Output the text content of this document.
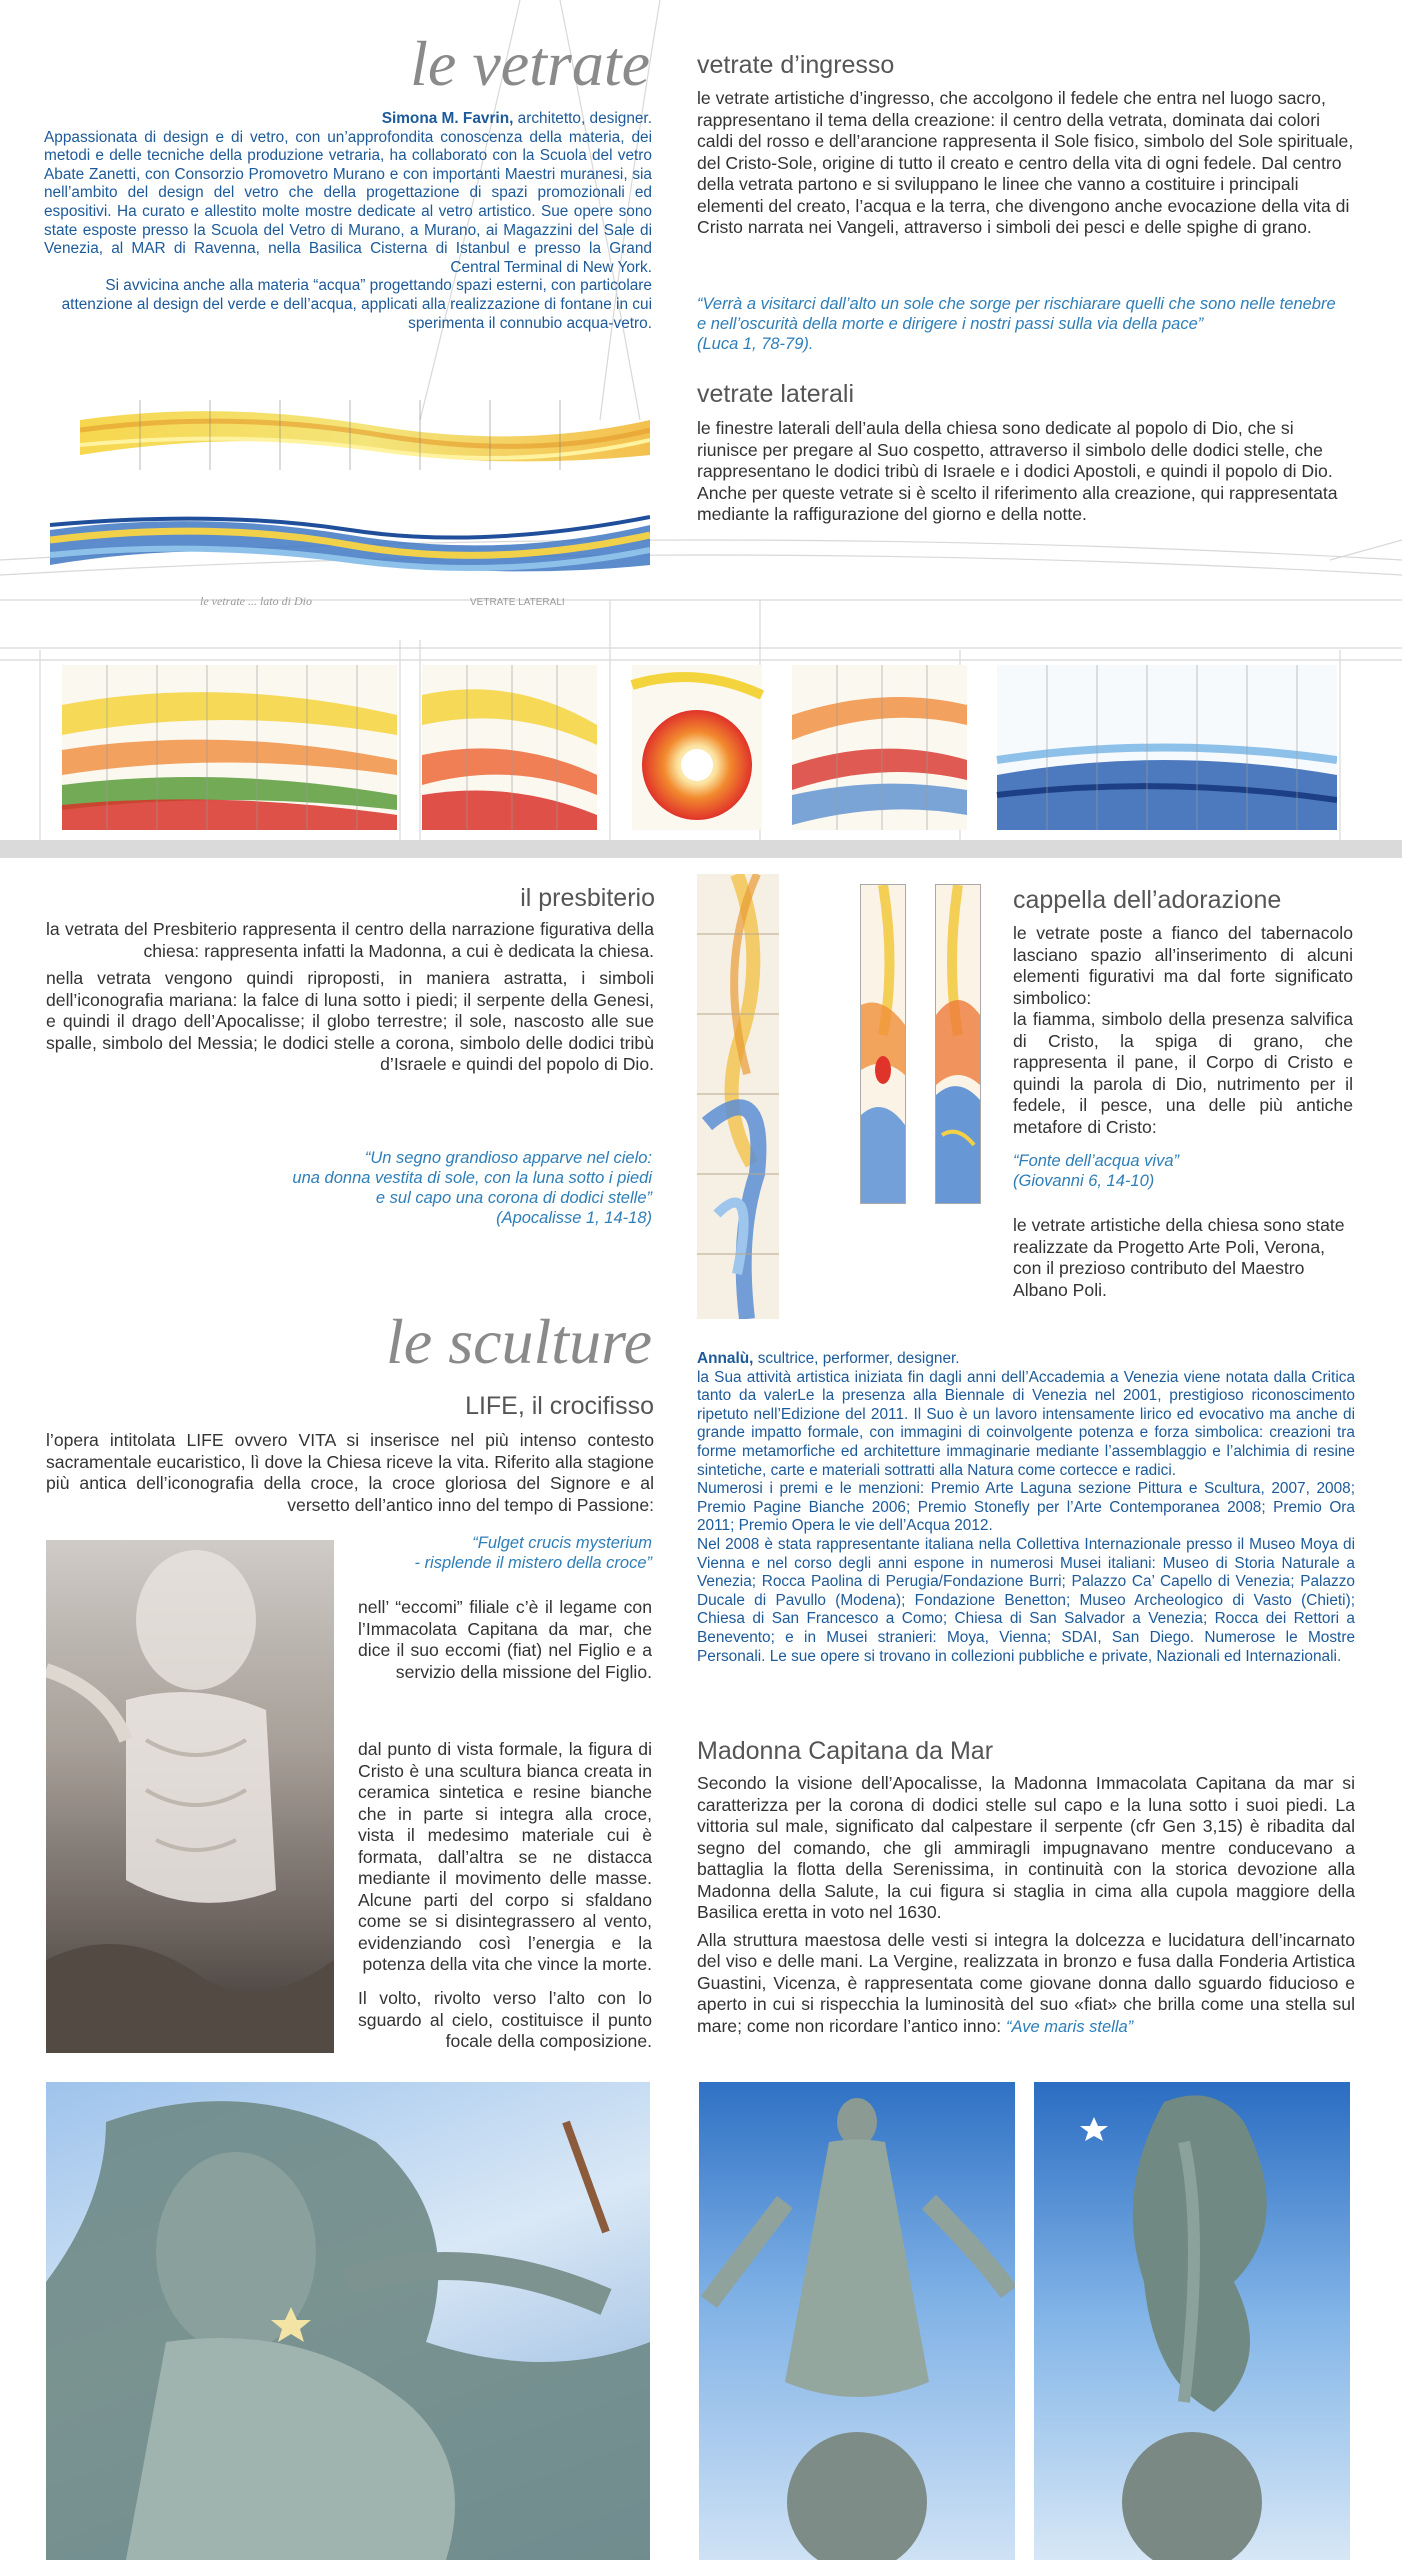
le vetrate ... lato di Dio	VETRATE LATERALI
le vetrate

Simona M. Favrin, architetto, designer.

Appassionata di design e di vetro, con un’approfondita conoscenza della materia, dei metodi e delle tecniche della produzione vetraria, ha collaborato con la Scuola del vetro Abate Zanetti, con Consorzio Promovetro Murano e con importanti Maestri muranesi, sia nell’ambito del design del vetro che della progettazione di spazi promozionali ed espositivi. Ha curato e allestito molte mostre dedicate al vetro artistico. Sue opere sono state esposte presso la Scuola del Vetro di Murano, a Murano, ai Magazzini del Sale di Venezia, al MAR di Ravenna, nella Basilica Cisterna di Istanbul e presso la Grand Central Terminal di New York.

Si avvicina anche alla materia “acqua” progettando spazi esterni, con particolare attenzione al design del verde e dell’acqua, applicati alla realizzazione di fontane in cui sperimenta il connubio acqua-vetro.

vetrate d’ingresso

le vetrate artistiche d’ingresso, che accolgono il fedele che entra nel luogo sacro, rappresentano il tema della creazione: il centro della vetrata, dominata dai colori caldi del rosso e dell’arancione rappresenta il Sole fisico, simbolo del Sole spirituale, del Cristo-Sole, origine di tutto il creato e centro della vita di ogni fedele. Dal centro della vetrata partono e si sviluppano le linee che vanno a costituire i principali elementi del creato, l’acqua e la terra, che divengono anche evocazione della vita di Cristo narrata nei Vangeli, attraverso i simboli dei pesci e delle spighe di grano.

“Verrà a visitarci dall’alto un sole che sorge per rischiarare quelli che sono nelle tenebre e nell’oscurità della morte e dirigere i nostri passi sulla via della pace”

(Luca 1, 78-79).

vetrate laterali

le finestre laterali dell’aula della chiesa sono dedicate al popolo di Dio, che si riunisce per pregare al Suo cospetto, attraverso il simbolo delle dodici stelle, che rappresentano le dodici tribù di Israele e i dodici Apostoli, e quindi il popolo di Dio. Anche per queste vetrate si è scelto il riferimento alla creazione, qui rappresentata mediante la raffigurazione del giorno e della notte.

il presbiterio

la vetrata del Presbiterio rappresenta il centro della narrazione figurativa della chiesa: rappresenta infatti la Madonna, a cui è dedicata la chiesa.

nella vetrata vengono quindi riproposti, in maniera astratta, i simboli dell’iconografia mariana: la falce di luna sotto i piedi; il serpente della Genesi, e quindi il drago dell’Apocalisse; il globo terrestre; il sole, nascosto alle sue spalle, simbolo del Messia; le dodici stelle a corona, simbolo delle dodici tribù d’Israele e quindi del popolo di Dio.

“Un segno grandioso apparve nel cielo:

una donna vestita di sole, con la luna sotto i piedi

e sul capo una corona di dodici stelle”

(Apocalisse 1, 14-18)

cappella dell’adorazione

le vetrate poste a fianco del tabernacolo lasciano spazio all’inserimento di alcuni elementi figurativi ma dal forte significato simbolico:

la fiamma, simbolo della presenza salvifica di Cristo, la spiga di grano, che rappresenta il pane, il Corpo di Cristo e quindi la parola di Dio, nutrimento per il fedele, il pesce, una delle più antiche metafore di Cristo:

“Fonte dell’acqua viva”

(Giovanni 6, 14-10)

le vetrate artistiche della chiesa sono state realizzate da Progetto Arte Poli, Verona, con il prezioso contributo del Maestro Albano Poli.

le sculture
LIFE, il crocifisso

l’opera intitolata LIFE ovvero VITA si inserisce nel più intenso contesto sacramentale eucaristico, lì dove la Chiesa riceve la vita. Riferito alla stagione più antica dell’iconografia della croce, la croce gloriosa del Signore e al versetto dell’antico inno del tempo di Passione:

“Fulget crucis mysterium

- risplende il mistero della croce”

nell’ “eccomi” filiale c’è il legame con l’Immacolata Capitana da mar, che dice il suo eccomi (fiat) nel Figlio e a servizio della missione del Figlio.

dal punto di vista formale, la figura di Cristo è una scultura bianca creata in ceramica sintetica e resine bianche che in parte si integra alla croce, vista il medesimo materiale cui è formata, dall’altra se ne distacca mediante il movimento delle masse. Alcune parti del corpo si sfaldano come se si disintegrassero al vento, evidenziando così l’energia e la potenza della vita che vince la morte.

Il volto, rivolto verso l’alto con lo sguardo al cielo, costituisce il punto focale della composizione.

Annalù, scultrice, performer, designer.

la Sua attività artistica iniziata fin dagli anni dell’Accademia a Venezia viene notata dalla Critica tanto da valerLe la presenza alla Biennale di Venezia nel 2001, prestigioso riconoscimento ripetuto nell’Edizione del 2011. Il Suo è un lavoro intensamente lirico ed evocativo ma anche di grande impatto formale, con immagini di coinvolgente potenza e forza simbolica: creazioni tra forme metamorfiche ed architetture immaginarie mediante l’assemblaggio e l’alchimia di resine sintetiche, carte e materiali sottratti alla Natura come cortecce e radici.

Numerosi i premi e le menzioni: Premio Arte Laguna sezione Pittura e Scultura, 2007, 2008; Premio Pagine Bianche 2006; Premio Stonefly per l’Arte Contemporanea 2008; Premio Ora 2011; Premio Opera le vie dell’Acqua 2012.

Nel 2008 è stata rappresentante italiana nella Collettiva Internazionale presso il Museo Moya di Vienna e nel corso degli anni espone in numerosi Musei italiani: Museo di Storia Naturale a Venezia; Rocca Paolina di Perugia/Fondazione Burri; Palazzo Ca’ Capello di Venezia; Palazzo Ducale di Pavullo (Modena); Fondazione Benetton; Museo Archeologico di Vasto (Chieti); Chiesa di San Francesco a Como; Chiesa di San Salvador a Venezia; Rocca dei Rettori a Benevento; e in Musei stranieri: Moya, Vienna; SDAI, San Diego. Numerose le Mostre Personali. Le sue opere si trovano in collezioni pubbliche e private, Nazionali ed Internazionali.

Madonna Capitana da Mar

Secondo la visione dell’Apocalisse, la Madonna Immacolata Capitana da mar si caratterizza per la corona di dodici stelle sul capo e la luna sotto i suoi piedi. La vittoria sul male, significato dal calpestare il serpente (cfr Gen 3,15) è ribadita dal segno del comando, che gli ammiragli impugnavano mentre conducevano a battaglia la flotta della Serenissima, in continuità con la storica devozione alla Madonna della Salute, la cui figura si staglia in cima alla cupola maggiore della Basilica eretta in voto nel 1630.

Alla struttura maestosa delle vesti si integra la dolcezza e lucidatura dell’incarnato del viso e delle mani. La Vergine, realizzata in bronzo e fusa dalla Fonderia Artistica Guastini, Vicenza, è rappresentata come giovane donna dallo sguardo fiducioso e aperto in cui si rispecchia la luminosità del suo «fiat» che brilla come una stella sul mare; come non ricordare l’antico inno: “Ave maris stella”
